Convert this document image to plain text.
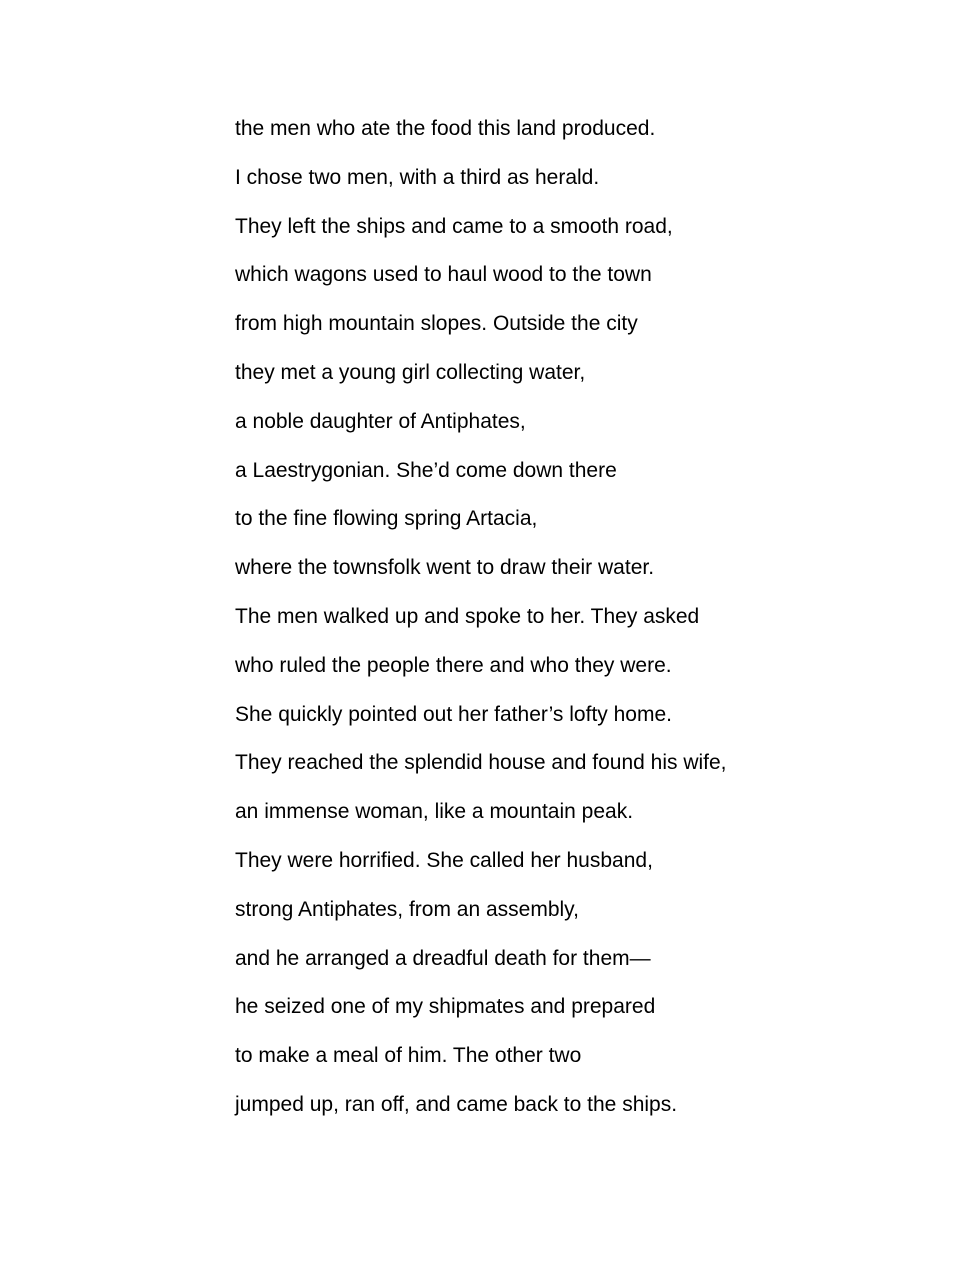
the men who ate the food this land produced.
I chose two men, with a third as herald.
They left the ships and came to a smooth road,
which wagons used to haul wood to the town
from high mountain slopes. Outside the city
they met a young girl collecting water,
a noble daughter of Antiphates,
a Laestrygonian. She’d come down there
to the fine flowing spring Artacia,
where the townsfolk went to draw their water.
The men walked up and spoke to her. They asked
who ruled the people there and who they were.
She quickly pointed out her father’s lofty home.
They reached the splendid house and found his wife,
an immense woman, like a mountain peak.
They were horrified. She called her husband,
strong Antiphates, from an assembly,
and he arranged a dreadful death for them—
he seized one of my shipmates and prepared
to make a meal of him. The other two
jumped up, ran off, and came back to the ships.
